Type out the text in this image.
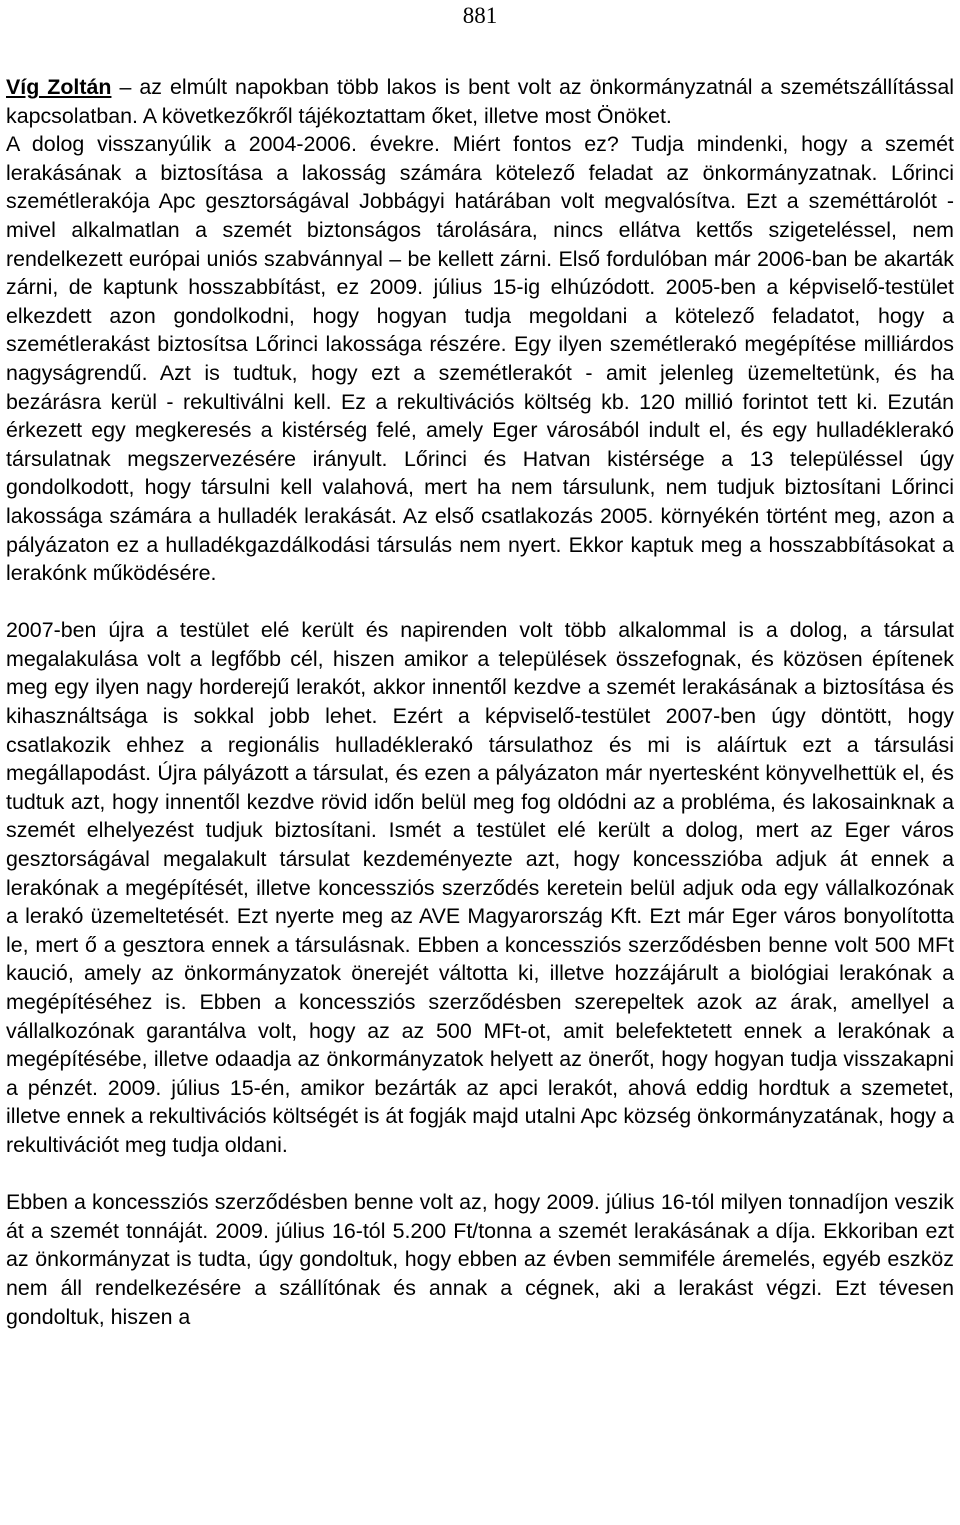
881

Víg Zoltán – az elmúlt napokban több lakos is bent volt az önkormányzatnál a szemétszállítással kapcsolatban. A következőkről tájékoztattam őket, illetve most Önöket.
A dolog visszanyúlik a 2004-2006. évekre. Miért fontos ez? Tudja mindenki, hogy a szemét lerakásának a biztosítása a lakosság számára kötelező feladat az önkormányzatnak. Lőrinci szemétlerakója Apc gesztorságával Jobbágyi határában volt megvalósítva. Ezt a szeméttárolót - mivel alkalmatlan a szemét biztonságos tárolására, nincs ellátva kettős szigeteléssel, nem rendelkezett európai uniós szabvánnyal – be kellett zárni. Első fordulóban már 2006-ban be akarták zárni, de kaptunk hosszabbítást, ez 2009. július 15-ig elhúzódott. 2005-ben a képviselő-testület elkezdett azon gondolkodni, hogy hogyan tudja megoldani a kötelező feladatot, hogy a szemétlerakást biztosítsa Lőrinci lakossága részére. Egy ilyen szemétlerakó megépítése milliárdos nagyságrendű. Azt is tudtuk, hogy ezt a szemétlerakót - amit jelenleg üzemeltetünk, és ha bezárásra kerül - rekultiválni kell. Ez a rekultivációs költség kb. 120 millió forintot tett ki. Ezután érkezett egy megkeresés a kistérség felé, amely Eger városából indult el, és egy hulladéklerakó társulatnak megszervezésére irányult. Lőrinci és Hatvan kistérsége a 13 településsel úgy gondolkodott, hogy társulni kell valahová, mert ha nem társulunk, nem tudjuk biztosítani Lőrinci lakossága számára a hulladék lerakását. Az első csatlakozás 2005. környékén történt meg, azon a pályázaton ez a hulladékgazdálkodási társulás nem nyert. Ekkor kaptuk meg a hosszabbításokat a lerakónk működésére.

2007-ben újra a testület elé került és napirenden volt több alkalommal is a dolog, a társulat megalakulása volt a legfőbb cél, hiszen amikor a települések összefognak, és közösen építenek meg egy ilyen nagy horderejű lerakót, akkor innentől kezdve a szemét lerakásának a biztosítása és kihasználtsága is sokkal jobb lehet. Ezért a képviselő-testület 2007-ben úgy döntött, hogy csatlakozik ehhez a regionális hulladéklerakó társulathoz és mi is aláírtuk ezt a társulási megállapodást. Újra pályázott a társulat, és ezen a pályázaton már nyertesként könyvelhettük el, és tudtuk azt, hogy innentől kezdve rövid időn belül meg fog oldódni az a probléma, és lakosainknak a szemét elhelyezést tudjuk biztosítani. Ismét a testület elé került a dolog, mert az Eger város gesztorságával megalakult társulat kezdeményezte azt, hogy koncesszióba adjuk át ennek a lerakónak a megépítését, illetve koncessziós szerződés keretein belül adjuk oda egy vállalkozónak a lerakó üzemeltetését. Ezt nyerte meg az AVE Magyarország Kft. Ezt már Eger város bonyolította le, mert ő a gesztora ennek a társulásnak. Ebben a koncessziós szerződésben benne volt 500 MFt kaució, amely az önkormányzatok önerejét váltotta ki, illetve hozzájárult a biológiai lerakónak a megépítéséhez is. Ebben a koncessziós szerződésben szerepeltek azok az árak, amellyel a vállalkozónak garantálva volt, hogy az az 500 MFt-ot, amit belefektetett ennek a lerakónak a megépítésébe, illetve odaadja az önkormányzatok helyett az önerőt, hogy hogyan tudja visszakapni a pénzét. 2009. július 15-én, amikor bezárták az apci lerakót, ahová eddig hordtuk a szemetet, illetve ennek a rekultivációs költségét is át fogják majd utalni Apc község önkormányzatának, hogy a rekultivációt meg tudja oldani.

Ebben a koncessziós szerződésben benne volt az, hogy 2009. július 16-tól milyen tonnadíjon veszik át a szemét tonnáját. 2009. július 16-tól 5.200 Ft/tonna a szemét lerakásának a díja. Ekkoriban ezt az önkormányzat is tudta, úgy gondoltuk, hogy ebben az évben semmiféle áremelés, egyéb eszköz nem áll rendelkezésére a szállítónak és annak a cégnek, aki a lerakást végzi. Ezt tévesen gondoltuk, hiszen a
